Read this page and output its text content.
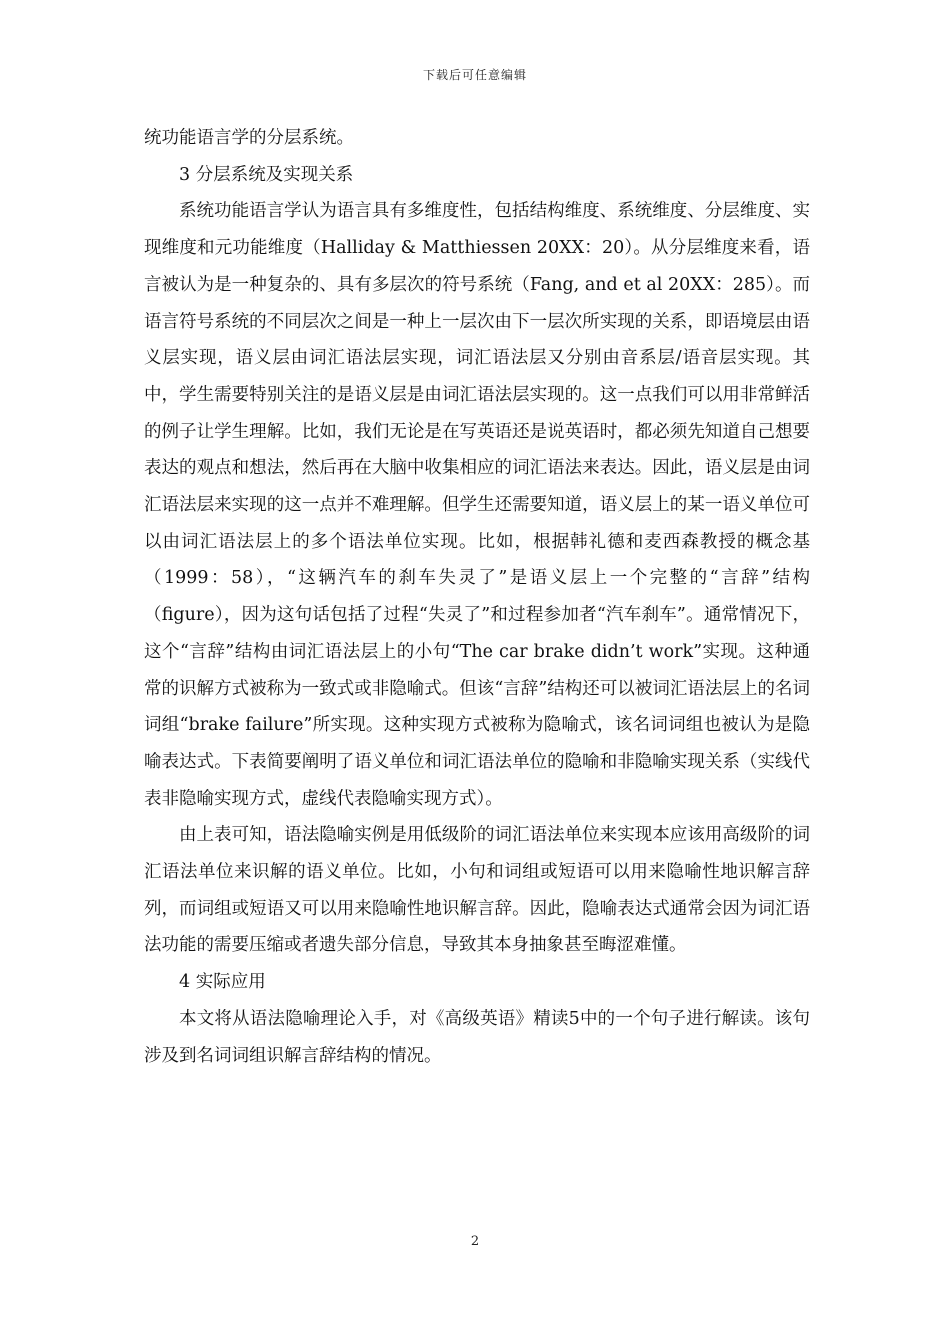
下载后可任意编辑

统功能语言学的分层系统。

3 分层系统及实现关系

系统功能语言学认为语言具有多维度性，包括结构维度、系统维度、分层维度、实现维度和元功能维度（Halliday & Matthiessen 20XX：20）。从分层维度来看，语言被认为是一种复杂的、具有多层次的符号系统（Fang, and et al 20XX：285）。而语言符号系统的不同层次之间是一种上一层次由下一层次所实现的关系，即语境层由语义层实现，语义层由词汇语法层实现，词汇语法层又分别由音系层/语音层实现。其中，学生需要特别关注的是语义层是由词汇语法层实现的。这一点我们可以用非常鲜活的例子让学生理解。比如，我们无论是在写英语还是说英语时，都必须先知道自己想要表达的观点和想法，然后再在大脑中收集相应的词汇语法来表达。因此，语义层是由词汇语法层来实现的这一点并不难理解。但学生还需要知道，语义层上的某一语义单位可以由词汇语法层上的多个语法单位实现。比如，根据韩礼德和麦西森教授的概念基（1999：58），“这辆汽车的刹车失灵了”是语义层上一个完整的“言辞”结构（figure），因为这句话包括了过程“失灵了”和过程参加者“汽车刹车”。通常情况下，这个“言辞”结构由词汇语法层上的小句“The car brake didn’t work”实现。这种通常的识解方式被称为一致式或非隐喻式。但该“言辞”结构还可以被词汇语法层上的名词词组“brake failure”所实现。这种实现方式被称为隐喻式，该名词词组也被认为是隐喻表达式。下表简要阐明了语义单位和词汇语法单位的隐喻和非隐喻实现关系（实线代表非隐喻实现方式，虚线代表隐喻实现方式）。

由上表可知，语法隐喻实例是用低级阶的词汇语法单位来实现本应该用高级阶的词汇语法单位来识解的语义单位。比如，小句和词组或短语可以用来隐喻性地识解言辞列，而词组或短语又可以用来隐喻性地识解言辞。因此，隐喻表达式通常会因为词汇语法功能的需要压缩或者遗失部分信息，导致其本身抽象甚至晦涩难懂。

4 实际应用

本文将从语法隐喻理论入手，对《高级英语》精读5中的一个句子进行解读。该句涉及到名词词组识解言辞结构的情况。

2
